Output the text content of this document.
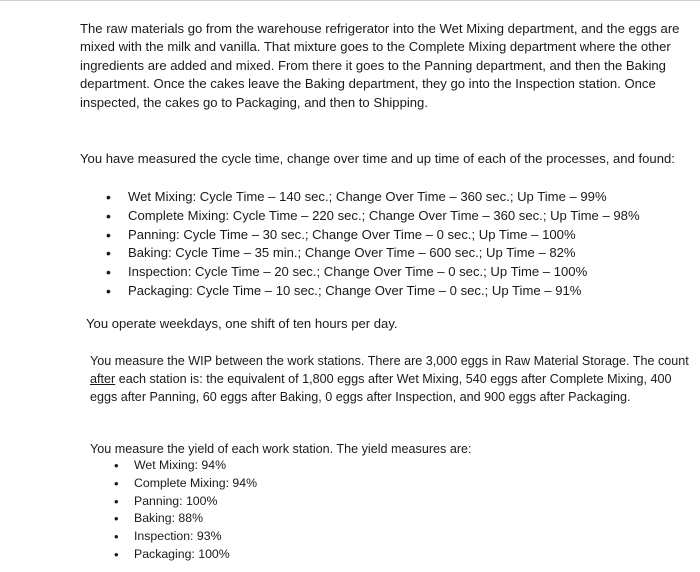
The raw materials go from the warehouse refrigerator into the Wet Mixing department, and the eggs are mixed with the milk and vanilla. That mixture goes to the Complete Mixing department where the other ingredients are added and mixed. From there it goes to the Panning department, and then the Baking department. Once the cakes leave the Baking department, they go into the Inspection station. Once inspected, the cakes go to Packaging, and then to Shipping.

You have measured the cycle time, change over time and up time of each of the processes, and found:

• Wet Mixing: Cycle Time – 140 sec.; Change Over Time – 360 sec.; Up Time – 99%
• Complete Mixing: Cycle Time – 220 sec.; Change Over Time – 360 sec.; Up Time – 98%
• Panning: Cycle Time – 30 sec.; Change Over Time – 0 sec.; Up Time – 100%
• Baking: Cycle Time – 35 min.; Change Over Time – 600 sec.; Up Time – 82%
• Inspection: Cycle Time – 20 sec.; Change Over Time – 0 sec.; Up Time – 100%
• Packaging: Cycle Time – 10 sec.; Change Over Time – 0 sec.; Up Time – 91%

You operate weekdays, one shift of ten hours per day.

You measure the WIP between the work stations. There are 3,000 eggs in Raw Material Storage. The count after each station is: the equivalent of 1,800 eggs after Wet Mixing, 540 eggs after Complete Mixing, 400 eggs after Panning, 60 eggs after Baking, 0 eggs after Inspection, and 900 eggs after Packaging.

You measure the yield of each work station. The yield measures are:

• Wet Mixing: 94%
• Complete Mixing: 94%
• Panning: 100%
• Baking: 88%
• Inspection: 93%
• Packaging: 100%
